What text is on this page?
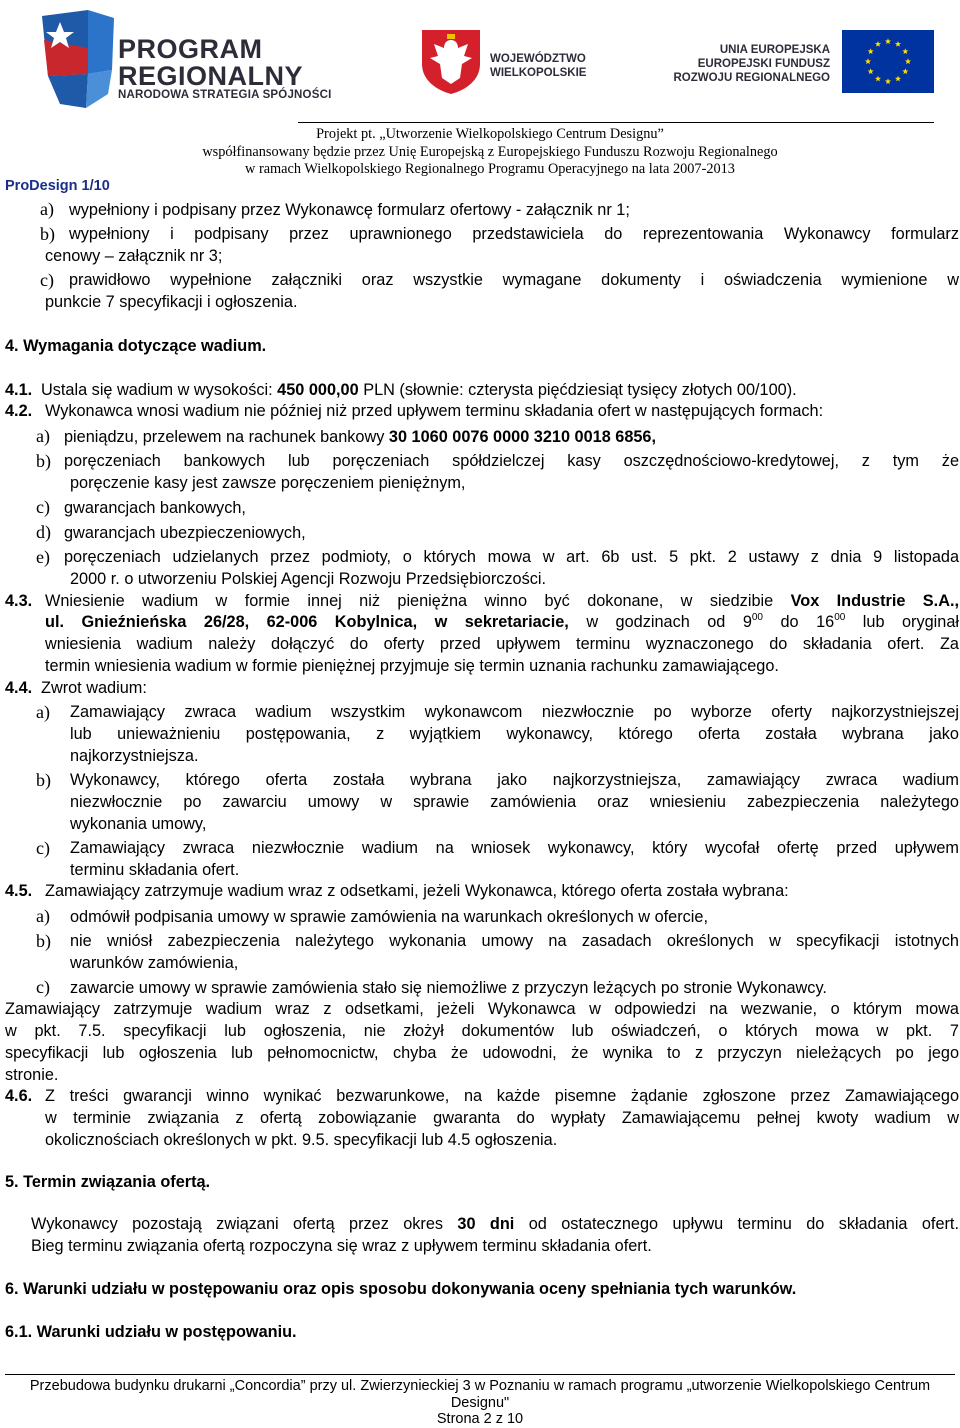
PROGRAM
REGIONALNY
NARODOWA STRATEGIA SPÓJNOŚCI
WOJEWÓDZTWO
WIELKOPOLSKIE
UNIA EUROPEJSKA
EUROPEJSKI FUNDUSZ
ROZWOJU REGIONALNEGO
Projekt pt. „Utworzenie Wielkopolskiego Centrum Designu”
współfinansowany będzie przez Unię Europejską z Europejskiego Funduszu Rozwoju Regionalnego
w ramach Wielkopolskiego Regionalnego Programu Operacyjnego na lata 2007-2013
ProDesign 1/10
a) wypełniony i podpisany przez Wykonawcę formularz ofertowy - załącznik nr 1;
b) wypełniony i podpisany przez uprawnionego przedstawiciela do reprezentowania Wykonawcy formularz
cenowy – załącznik nr 3;
c) prawidłowo wypełnione załączniki oraz wszystkie wymagane dokumenty i oświadczenia wymienione w
punkcie 7 specyfikacji i ogłoszenia.
4. Wymagania dotyczące wadium.
4.1. Ustala się wadium w wysokości: 450 000,00 PLN (słownie: czterysta pięćdziesiąt tysięcy złotych 00/100).
4.2. Wykonawca wnosi wadium nie później niż przed upływem terminu składania ofert w następujących formach:
a) pieniądzu, przelewem na rachunek bankowy 30 1060 0076 0000 3210 0018 6856,
b) poręczeniach bankowych lub poręczeniach spółdzielczej kasy oszczędnościowo-kredytowej, z tym że
poręczenie kasy jest zawsze poręczeniem pieniężnym,
c) gwarancjach bankowych,
d) gwarancjach ubezpieczeniowych,
e) poręczeniach udzielanych przez podmioty, o których mowa w art. 6b ust. 5 pkt. 2 ustawy z dnia 9 listopada
2000 r. o utworzeniu Polskiej Agencji Rozwoju Przedsiębiorczości.
4.3. Wniesienie wadium w formie innej niż pieniężna winno być dokonane, w siedzibie Vox Industrie S.A.,
ul. Gnieźnieńska 26/28, 62-006 Kobylnica, w sekretariacie, w godzinach od $9^{00}$ do $16^{00}$ lub oryginał
wniesienia wadium należy dołączyć do oferty przed upływem terminu wyznaczonego do składania ofert. Za
termin wniesienia wadium w formie pieniężnej przyjmuje się termin uznania rachunku zamawiającego.
4.4. Zwrot wadium:
a) Zamawiający zwraca wadium wszystkim wykonawcom niezwłocznie po wyborze oferty najkorzystniejszej
lub unieważnieniu postępowania, z wyjątkiem wykonawcy, którego oferta została wybrana jako
najkorzystniejsza.
b) Wykonawcy, którego oferta została wybrana jako najkorzystniejsza, zamawiający zwraca wadium
niezwłocznie po zawarciu umowy w sprawie zamówienia oraz wniesieniu zabezpieczenia należytego
wykonania umowy,
c) Zamawiający zwraca niezwłocznie wadium na wniosek wykonawcy, który wycofał ofertę przed upływem
terminu składania ofert.
4.5. Zamawiający zatrzymuje wadium wraz z odsetkami, jeżeli Wykonawca, którego oferta została wybrana:
a) odmówił podpisania umowy w sprawie zamówienia na warunkach określonych w ofercie,
b) nie wniósł zabezpieczenia należytego wykonania umowy na zasadach określonych w specyfikacji istotnych
warunków zamówienia,
c) zawarcie umowy w sprawie zamówienia stało się niemożliwe z przyczyn leżących po stronie Wykonawcy.
Zamawiający zatrzymuje wadium wraz z odsetkami, jeżeli Wykonawca w odpowiedzi na wezwanie, o którym mowa
w pkt. 7.5. specyfikacji lub ogłoszenia, nie złożył dokumentów lub oświadczeń, o których mowa w pkt. 7
specyfikacji lub ogłoszenia lub pełnomocnictw, chyba że udowodni, że wynika to z przyczyn nieleżących po jego
stronie.
4.6. Z treści gwarancji winno wynikać bezwarunkowe, na każde pisemne żądanie zgłoszone przez Zamawiającego
w terminie związania z ofertą zobowiązanie gwaranta do wypłaty Zamawiającemu pełnej kwoty wadium w
okolicznościach określonych w pkt. 9.5. specyfikacji lub 4.5 ogłoszenia.
5. Termin związania ofertą.
Wykonawcy pozostają związani ofertą przez okres 30 dni od ostatecznego upływu terminu do składania ofert.
Bieg terminu związania ofertą rozpoczyna się wraz z upływem terminu składania ofert.
6. Warunki udziału w postępowaniu oraz opis sposobu dokonywania oceny spełniania tych warunków.
6.1. Warunki udziału w postępowaniu.
Przebudowa budynku drukarni „Concordia” przy ul. Zwierzynieckiej 3 w Poznaniu w ramach programu „utworzenie Wielkopolskiego Centrum
Designu"
Strona 2 z 10
